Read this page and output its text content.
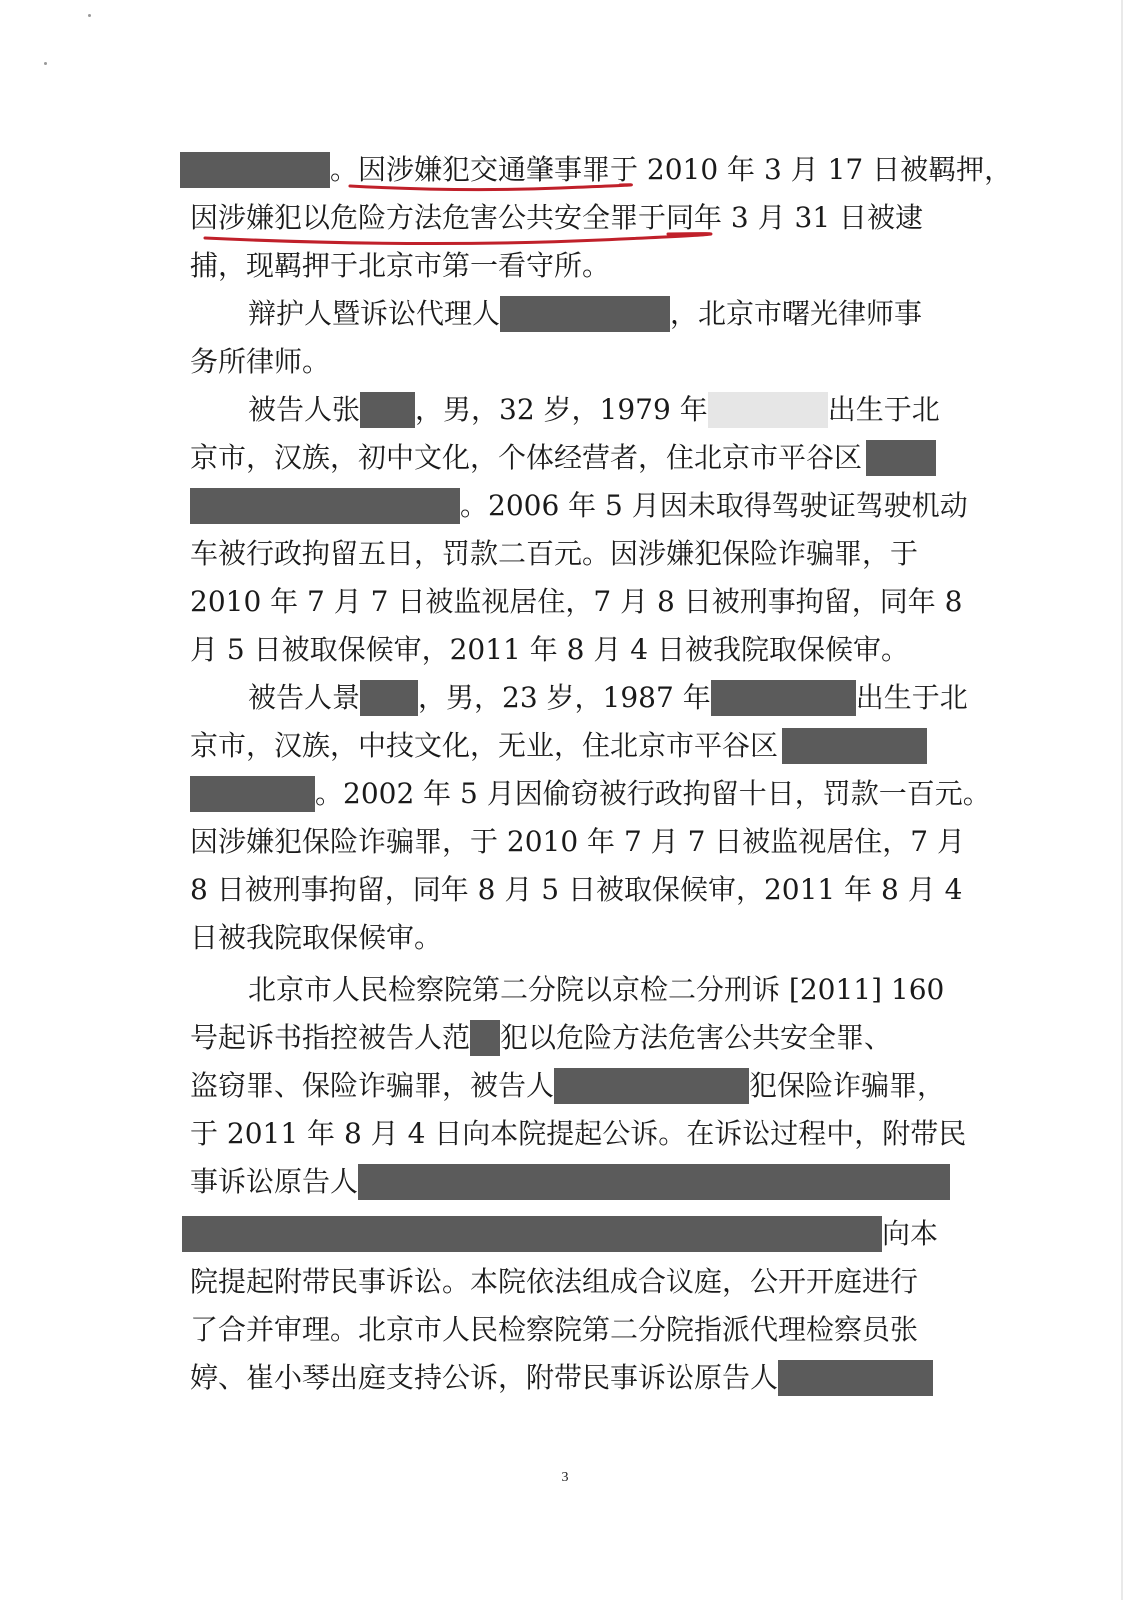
。因涉嫌犯交通肇事罪于 2010 年 3 月 17 日被羁押，
因涉嫌犯以危险方法危害公共安全罪于同年 3 月 31 日被逮
捕，现羁押于北京市第一看守所。
辩护人暨诉讼代理人	，北京市曙光律师事
务所律师。
被告人张 ，男，32 岁，1979 年	出生于北
京市，汉族，初中文化，个体经营者，住北京市平谷区
。2006 年 5 月因未取得驾驶证驾驶机动
车被行政拘留五日，罚款二百元。因涉嫌犯保险诈骗罪，于
2010 年 7 月 7 日被监视居住，7 月 8 日被刑事拘留，同年 8
月 5 日被取保候审，2011 年 8 月 4 日被我院取保候审。
被告人景 ，男，23 岁，1987 年	出生于北
京市，汉族，中技文化，无业，住北京市平谷区
。2002 年 5 月因偷窃被行政拘留十日，罚款一百元。
因涉嫌犯保险诈骗罪，于 2010 年 7 月 7 日被监视居住，7 月
8 日被刑事拘留，同年 8 月 5 日被取保候审，2011 年 8 月 4
日被我院取保候审。
北京市人民检察院第二分院以京检二分刑诉 [2011] 160
号起诉书指控被告人范 犯以危险方法危害公共安全罪、
盗窃罪、保险诈骗罪，被告人	犯保险诈骗罪，
于 2011 年 8 月 4 日向本院提起公诉。在诉讼过程中，附带民
事诉讼原告人
向本
院提起附带民事诉讼。本院依法组成合议庭，公开开庭进行
了合并审理。北京市人民检察院第二分院指派代理检察员张
婷、崔小琴出庭支持公诉，附带民事诉讼原告人
3
